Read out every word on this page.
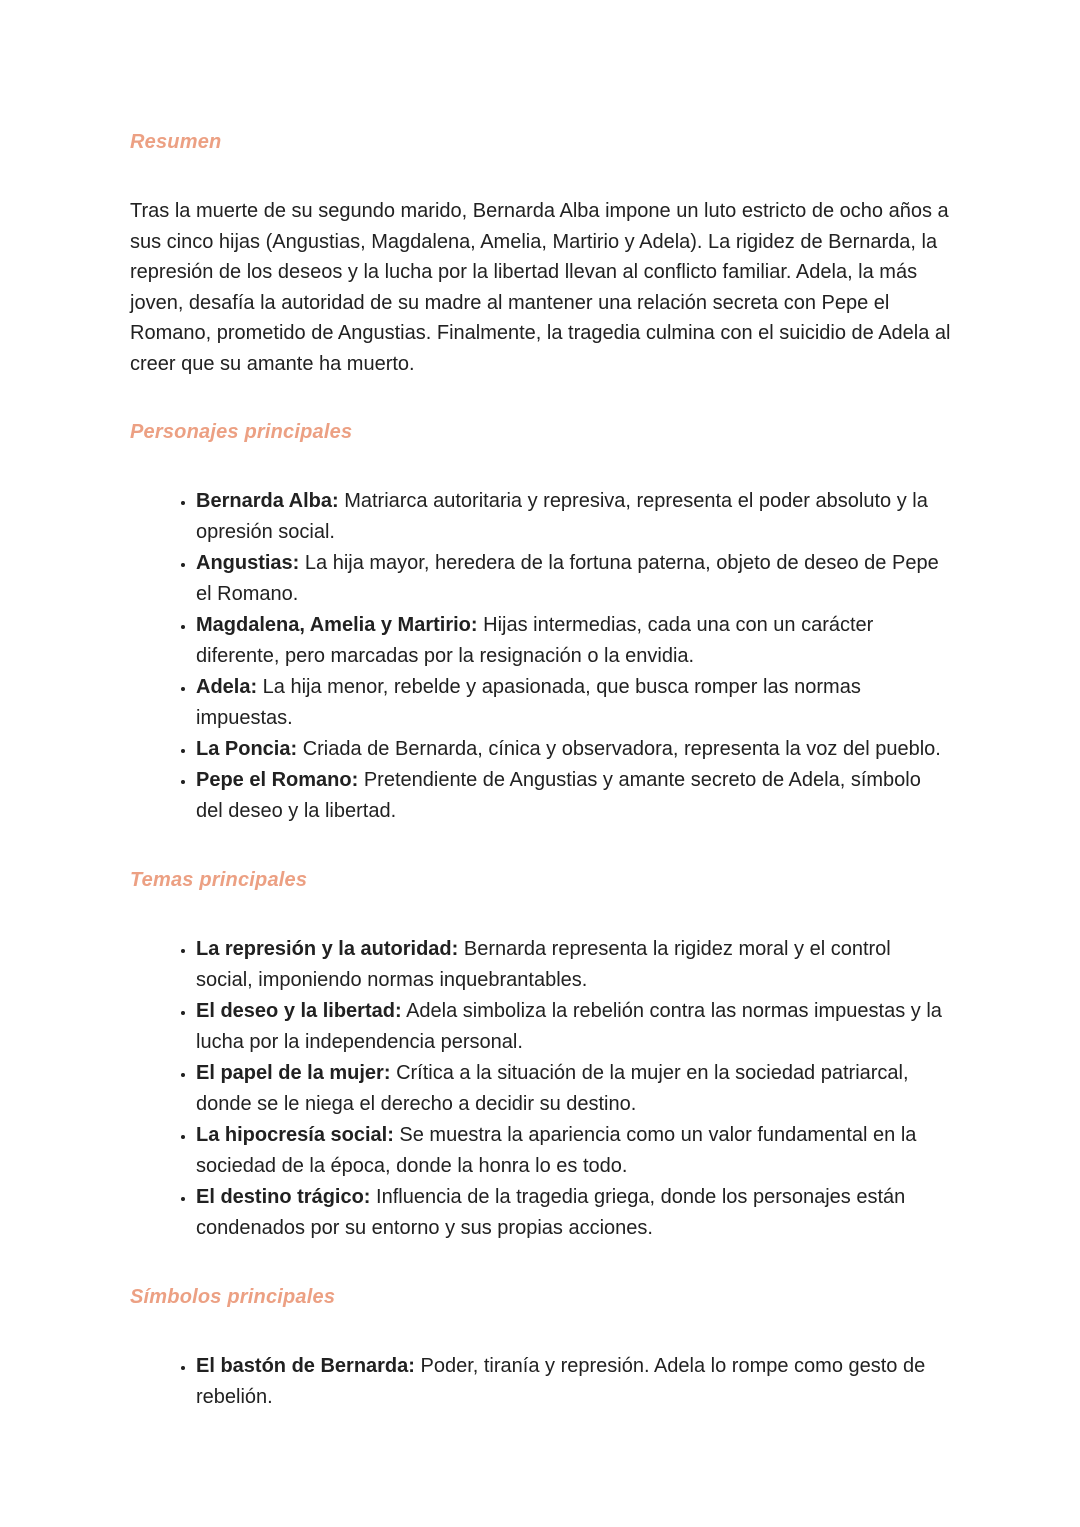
Resumen

Tras la muerte de su segundo marido, Bernarda Alba impone un luto estricto de ocho años a sus cinco hijas (Angustias, Magdalena, Amelia, Martirio y Adela). La rigidez de Bernarda, la represión de los deseos y la lucha por la libertad llevan al conflicto familiar. Adela, la más joven, desafía la autoridad de su madre al mantener una relación secreta con Pepe el Romano, prometido de Angustias. Finalmente, la tragedia culmina con el suicidio de Adela al creer que su amante ha muerto.

Personajes principales
• Bernarda Alba: Matriarca autoritaria y represiva, representa el poder absoluto y la opresión social.
• Angustias: La hija mayor, heredera de la fortuna paterna, objeto de deseo de Pepe el Romano.
• Magdalena, Amelia y Martirio: Hijas intermedias, cada una con un carácter diferente, pero marcadas por la resignación o la envidia.
• Adela: La hija menor, rebelde y apasionada, que busca romper las normas impuestas.
• La Poncia: Criada de Bernarda, cínica y observadora, representa la voz del pueblo.
• Pepe el Romano: Pretendiente de Angustias y amante secreto de Adela, símbolo del deseo y la libertad.
Temas principales
• La represión y la autoridad: Bernarda representa la rigidez moral y el control social, imponiendo normas inquebrantables.
• El deseo y la libertad: Adela simboliza la rebelión contra las normas impuestas y la lucha por la independencia personal.
• El papel de la mujer: Crítica a la situación de la mujer en la sociedad patriarcal, donde se le niega el derecho a decidir su destino.
• La hipocresía social: Se muestra la apariencia como un valor fundamental en la sociedad de la época, donde la honra lo es todo.
• El destino trágico: Influencia de la tragedia griega, donde los personajes están condenados por su entorno y sus propias acciones.
Símbolos principales
• El bastón de Bernarda: Poder, tiranía y represión. Adela lo rompe como gesto de rebelión.
